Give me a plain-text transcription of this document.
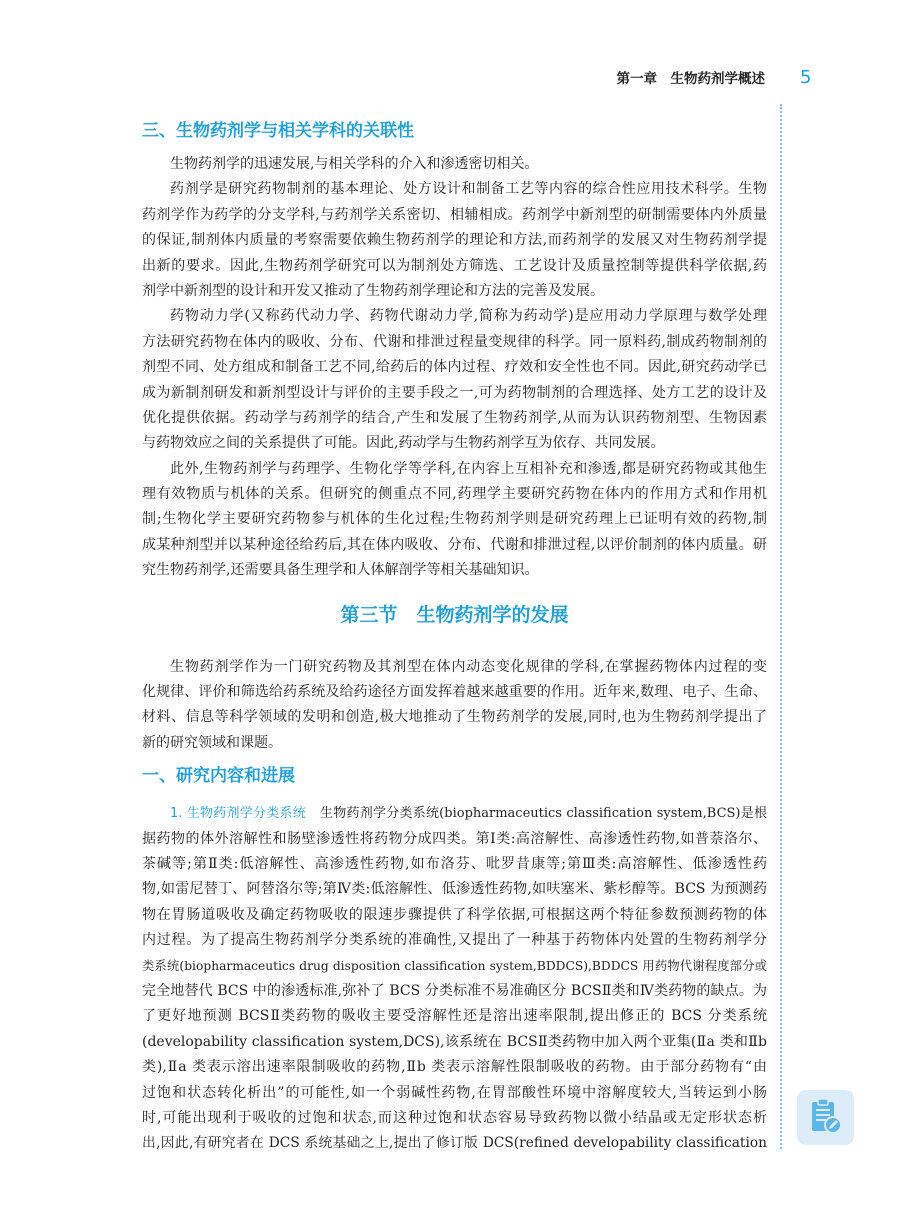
第一章　生物药剂学概述 5
三、生物药剂学与相关学科的关联性
生物药剂学的迅速发展,与相关学科的介入和渗透密切相关。
药剂学是研究药物制剂的基本理论、处方设计和制备工艺等内容的综合性应用技术科学。生物
药剂学作为药学的分支学科,与药剂学关系密切、相辅相成。药剂学中新剂型的研制需要体内外质量
的保证,制剂体内质量的考察需要依赖生物药剂学的理论和方法,而药剂学的发展又对生物药剂学提
出新的要求。因此,生物药剂学研究可以为制剂处方筛选、工艺设计及质量控制等提供科学依据,药
剂学中新剂型的设计和开发又推动了生物药剂学理论和方法的完善及发展。
药物动力学(又称药代动力学、药物代谢动力学,简称为药动学)是应用动力学原理与数学处理
方法研究药物在体内的吸收、分布、代谢和排泄过程量变规律的科学。同一原料药,制成药物制剂的
剂型不同、处方组成和制备工艺不同,给药后的体内过程、疗效和安全性也不同。因此,研究药动学已
成为新制剂研发和新剂型设计与评价的主要手段之一,可为药物制剂的合理选择、处方工艺的设计及
优化提供依据。药动学与药剂学的结合,产生和发展了生物药剂学,从而为认识药物剂型、生物因素
与药物效应之间的关系提供了可能。因此,药动学与生物药剂学互为依存、共同发展。
此外,生物药剂学与药理学、生物化学等学科,在内容上互相补充和渗透,都是研究药物或其他生
理有效物质与机体的关系。但研究的侧重点不同,药理学主要研究药物在体内的作用方式和作用机
制;生物化学主要研究药物参与机体的生化过程;生物药剂学则是研究药理上已证明有效的药物,制
成某种剂型并以某种途径给药后,其在体内吸收、分布、代谢和排泄过程,以评价制剂的体内质量。研
究生物药剂学,还需要具备生理学和人体解剖学等相关基础知识。
第三节　生物药剂学的发展
生物药剂学作为一门研究药物及其剂型在体内动态变化规律的学科,在掌握药物体内过程的变
化规律、评价和筛选给药系统及给药途径方面发挥着越来越重要的作用。近年来,数理、电子、生命、
材料、信息等科学领域的发明和创造,极大地推动了生物药剂学的发展,同时,也为生物药剂学提出了
新的研究领域和课题。
一、研究内容和进展
1. 生物药剂学分类系统 生物药剂学分类系统(biopharmaceutics classification system,BCS)是根
据药物的体外溶解性和肠壁渗透性将药物分成四类。第Ⅰ类:高溶解性、高渗透性药物,如普萘洛尔、
茶碱等;第Ⅱ类:低溶解性、高渗透性药物,如布洛芬、吡罗昔康等;第Ⅲ类:高溶解性、低渗透性药
物,如雷尼替丁、阿替洛尔等;第Ⅳ类:低溶解性、低渗透性药物,如呋塞米、紫杉醇等。BCS 为预测药
物在胃肠道吸收及确定药物吸收的限速步骤提供了科学依据,可根据这两个特征参数预测药物的体
内过程。为了提高生物药剂学分类系统的准确性,又提出了一种基于药物体内处置的生物药剂学分
类系统(biopharmaceutics drug disposition classification system,BDDCS),BDDCS 用药物代谢程度部分或
完全地替代 BCS 中的渗透标准,弥补了 BCS 分类标准不易准确区分 BCSⅡ类和Ⅳ类药物的缺点。为
了更好地预测 BCSⅡ类药物的吸收主要受溶解性还是溶出速率限制,提出修正的 BCS 分类系统
(developability classification system,DCS),该系统在 BCSⅡ类药物中加入两个亚集(Ⅱa 类和Ⅱb
类),Ⅱa 类表示溶出速率限制吸收的药物,Ⅱb 类表示溶解性限制吸收的药物。由于部分药物有“由
过饱和状态转化析出”的可能性,如一个弱碱性药物,在胃部酸性环境中溶解度较大,当转运到小肠
时,可能出现利于吸收的过饱和状态,而这种过饱和状态容易导致药物以微小结晶或无定形状态析
出,因此,有研究者在 DCS 系统基础之上,提出了修订版 DCS(refined developability classification
